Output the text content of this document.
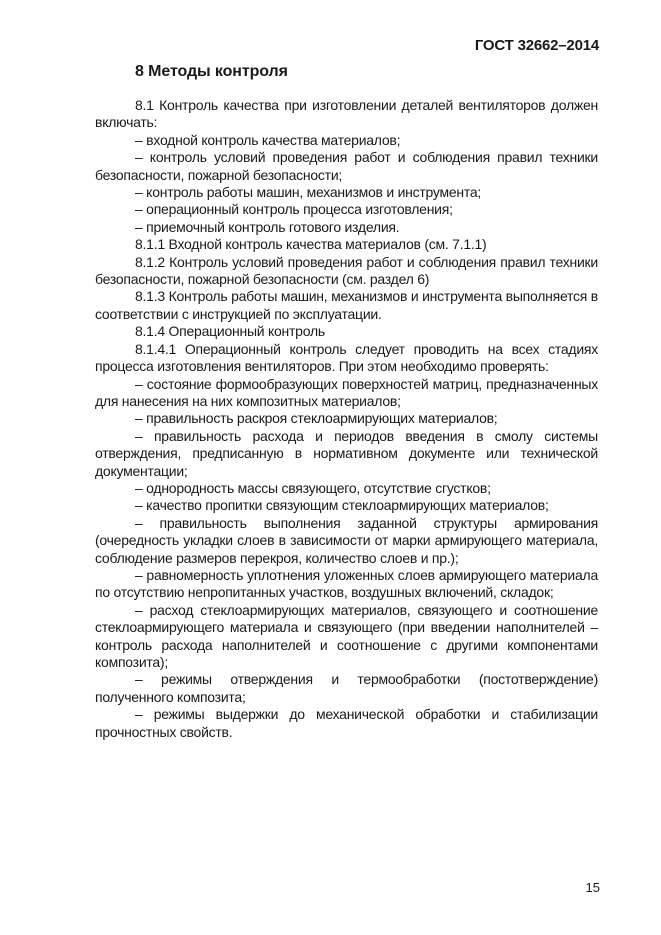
ГОСТ 32662–2014
8 Методы контроля

8.1 Контроль качества при изготовлении деталей вентиляторов должен включать:

– входной контроль качества материалов;

– контроль условий проведения работ и соблюдения правил техники безопасности, пожарной безопасности;

– контроль работы машин, механизмов и инструмента;

– операционный контроль процесса изготовления;

– приемочный контроль готового изделия.

8.1.1 Входной контроль качества материалов (см. 7.1.1)

8.1.2 Контроль условий проведения работ и соблюдения правил техники безопасности, пожарной безопасности (см. раздел 6)

8.1.3 Контроль работы машин, механизмов и инструмента выполняется в соответствии с инструкцией по эксплуатации.

8.1.4 Операционный контроль

8.1.4.1 Операционный контроль следует проводить на всех стадиях процесса изготовления вентиляторов. При этом необходимо проверять:

– состояние формообразующих поверхностей матриц, предназначенных для нанесения на них композитных материалов;

– правильность раскроя стеклоармирующих материалов;

– правильность расхода и периодов введения в смолу системы отверждения, предписанную в нормативном документе или технической документации;

– однородность массы связующего, отсутствие сгустков;

– качество пропитки связующим стеклоармирующих материалов;

– правильность выполнения заданной структуры армирования (очередность укладки слоев в зависимости от марки армирующего материала, соблюдение размеров перекроя, количество слоев и пр.);

– равномерность уплотнения уложенных слоев армирующего материала по отсутствию непропитанных участков, воздушных включений, складок;

– расход стеклоармирующих материалов, связующего и соотношение стеклоармирующего материала и связующего (при введении наполнителей – контроль расхода наполнителей и соотношение с другими компонентами композита);

– режимы отверждения и термообработки (постотверждение) полученного композита;

– режимы выдержки до механической обработки и стабилизации прочностных свойств.

15
